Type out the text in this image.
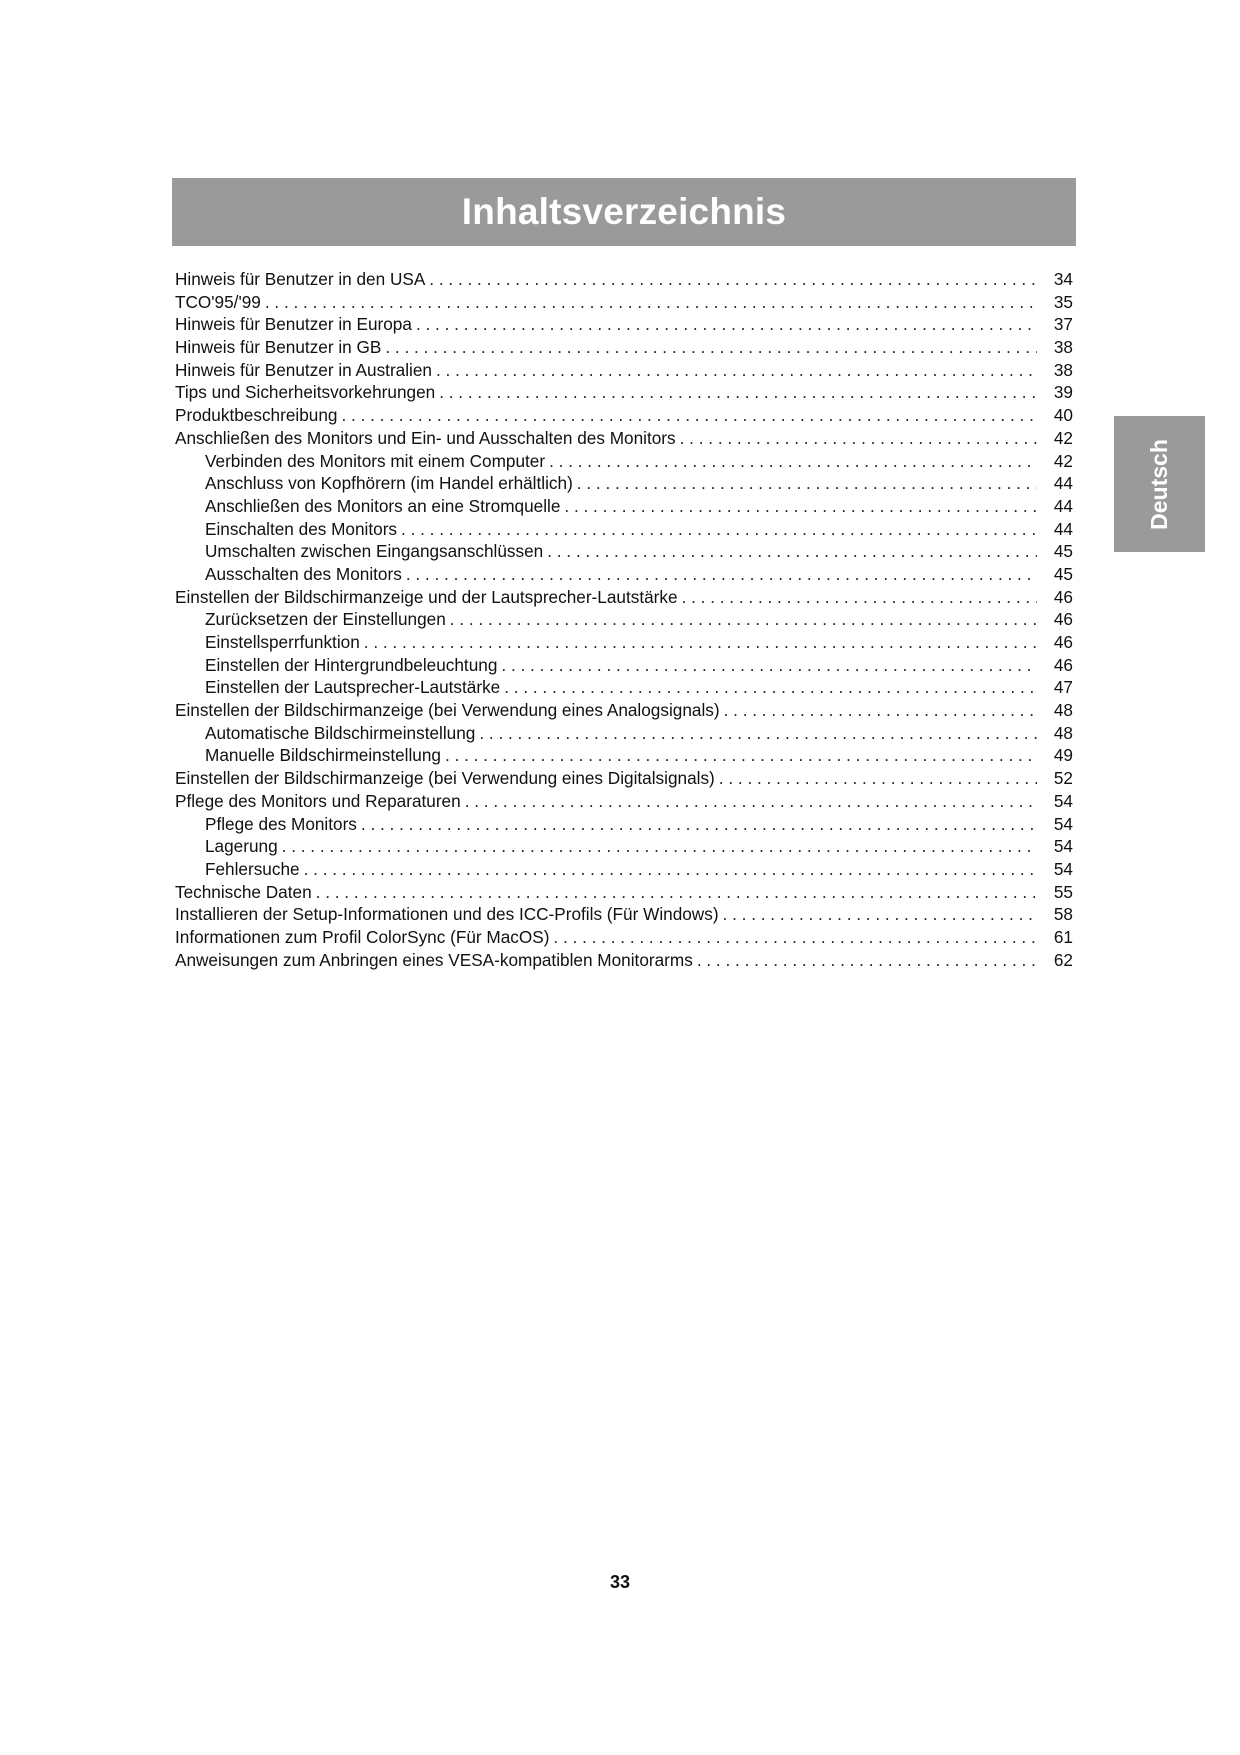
Inhaltsverzeichnis
Deutsch
Hinweis für Benutzer in den USA . . .	34
TCO'95/'99 . . .	35
Hinweis für Benutzer in Europa . . .	37
Hinweis für Benutzer in GB . . .	38
Hinweis für Benutzer in Australien . . .	38
Tips und Sicherheitsvorkehrungen . . .	39
Produktbeschreibung . . .	40
Anschließen des Monitors und Ein- und Ausschalten des Monitors . . .	42
Verbinden des Monitors mit einem Computer . . .	42
Anschluss von Kopfhörern (im Handel erhältlich) . . .	44
Anschließen des Monitors an eine Stromquelle . . .	44
Einschalten des Monitors . . .	44
Umschalten zwischen Eingangsanschlüssen . . .	45
Ausschalten des Monitors . . .	45
Einstellen der Bildschirmanzeige und der Lautsprecher-Lautstärke . . .	46
Zurücksetzen der Einstellungen . . .	46
Einstellsperrfunktion . . .	46
Einstellen der Hintergrundbeleuchtung . . .	46
Einstellen der Lautsprecher-Lautstärke . . .	47
Einstellen der Bildschirmanzeige (bei Verwendung eines Analogsignals) . . .	48
Automatische Bildschirmeinstellung . . .	48
Manuelle Bildschirmeinstellung . . .	49
Einstellen der Bildschirmanzeige (bei Verwendung eines Digitalsignals) . . .	52
Pflege des Monitors und Reparaturen . . .	54
Pflege des Monitors . . .	54
Lagerung . . .	54
Fehlersuche . . .	54
Technische Daten . . .	55
Installieren der Setup-Informationen und des ICC-Profils (Für Windows) . . .	58
Informationen zum Profil ColorSync (Für MacOS) . . .	61
Anweisungen zum Anbringen eines VESA-kompatiblen Monitorarms . . .	62
33
